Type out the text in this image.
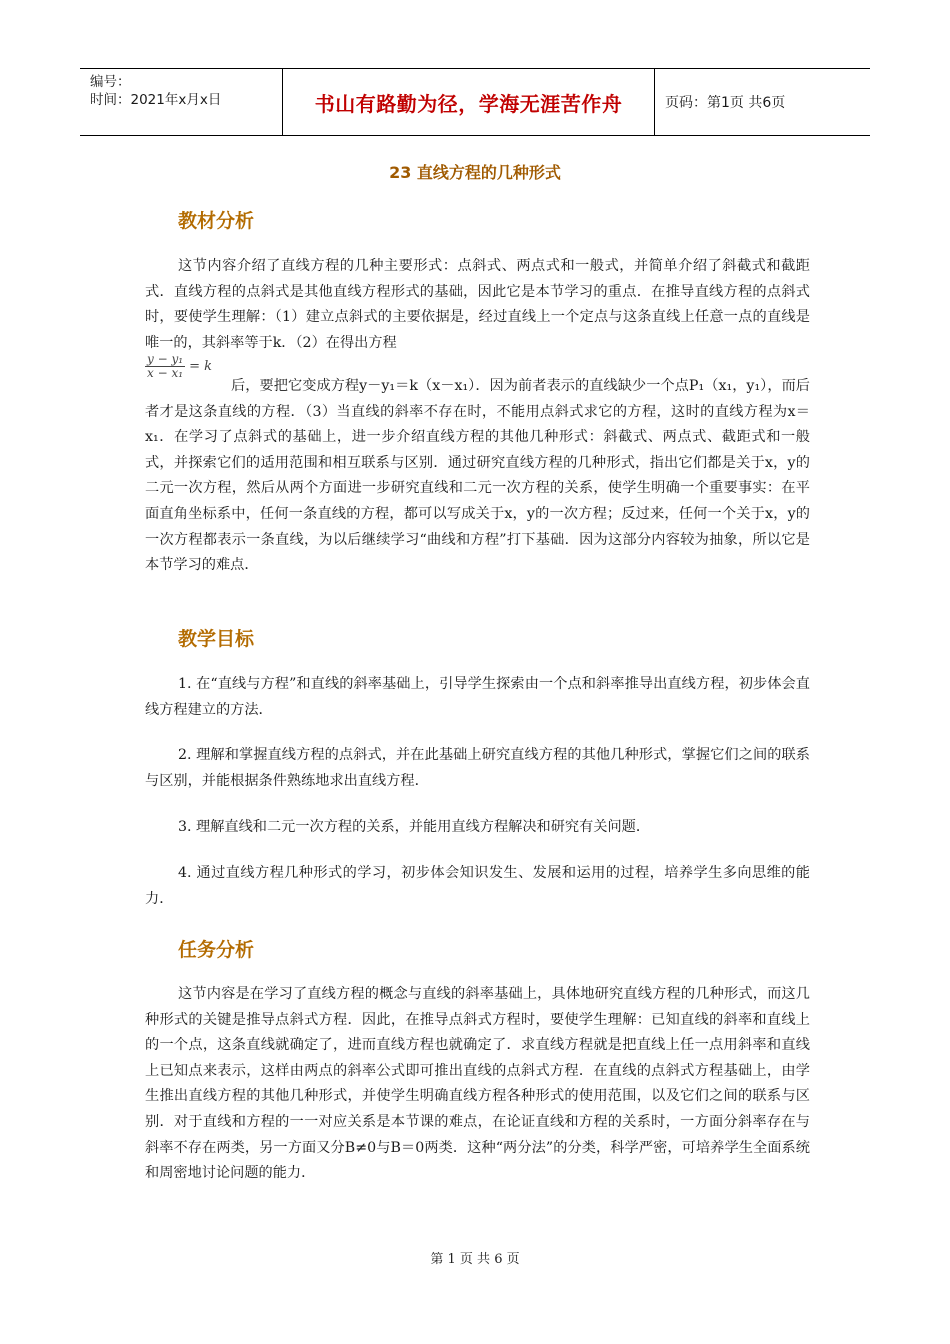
编号：
时间：2021年x月x日	书山有路勤为径，学海无涯苦作舟	页码：第1页 共6页
23 直线方程的几种形式
教材分析

这节内容介绍了直线方程的几种主要形式：点斜式、两点式和一般式，并简单介绍了斜截式和截距式．直线方程的点斜式是其他直线方程形式的基础，因此它是本节学习的重点．在推导直线方程的点斜式时，要使学生理解：（1）建立点斜式的主要依据是，经过直线上一个定点与这条直线上任意一点的直线是唯一的，其斜率等于k．（2）在得出方程

$\frac{\text{y − y₁}}{\text{x − x₁}} = k$

后，要把它变成方程y－y₁＝k（x－x₁）．因为前者表示的直线缺少一个点P₁（x₁，y₁），而后者才是这条直线的方程．（3）当直线的斜率不存在时，不能用点斜式求它的方程，这时的直线方程为x＝x₁．在学习了点斜式的基础上，进一步介绍直线方程的其他几种形式：斜截式、两点式、截距式和一般式，并探索它们的适用范围和相互联系与区别．通过研究直线方程的几种形式，指出它们都是关于x，y的二元一次方程，然后从两个方面进一步研究直线和二元一次方程的关系，使学生明确一个重要事实：在平面直角坐标系中，任何一条直线的方程，都可以写成关于x，y的一次方程；反过来，任何一个关于x，y的一次方程都表示一条直线，为以后继续学习“曲线和方程”打下基础．因为这部分内容较为抽象，所以它是本节学习的难点．

教学目标

1. 在“直线与方程”和直线的斜率基础上，引导学生探索由一个点和斜率推导出直线方程，初步体会直线方程建立的方法．

2. 理解和掌握直线方程的点斜式，并在此基础上研究直线方程的其他几种形式，掌握它们之间的联系与区别，并能根据条件熟练地求出直线方程．

3. 理解直线和二元一次方程的关系，并能用直线方程解决和研究有关问题．

4. 通过直线方程几种形式的学习，初步体会知识发生、发展和运用的过程，培养学生多向思维的能力．

任务分析

这节内容是在学习了直线方程的概念与直线的斜率基础上，具体地研究直线方程的几种形式，而这几种形式的关键是推导点斜式方程．因此，在推导点斜式方程时，要使学生理解：已知直线的斜率和直线上的一个点，这条直线就确定了，进而直线方程也就确定了．求直线方程就是把直线上任一点用斜率和直线上已知点来表示，这样由两点的斜率公式即可推出直线的点斜式方程．在直线的点斜式方程基础上，由学生推出直线方程的其他几种形式，并使学生明确直线方程各种形式的使用范围，以及它们之间的联系与区别．对于直线和方程的一一对应关系是本节课的难点，在论证直线和方程的关系时，一方面分斜率存在与斜率不存在两类，另一方面又分B≠0与B＝0两类．这种“两分法”的分类，科学严密，可培养学生全面系统和周密地讨论问题的能力．

第 1 页 共 6 页
